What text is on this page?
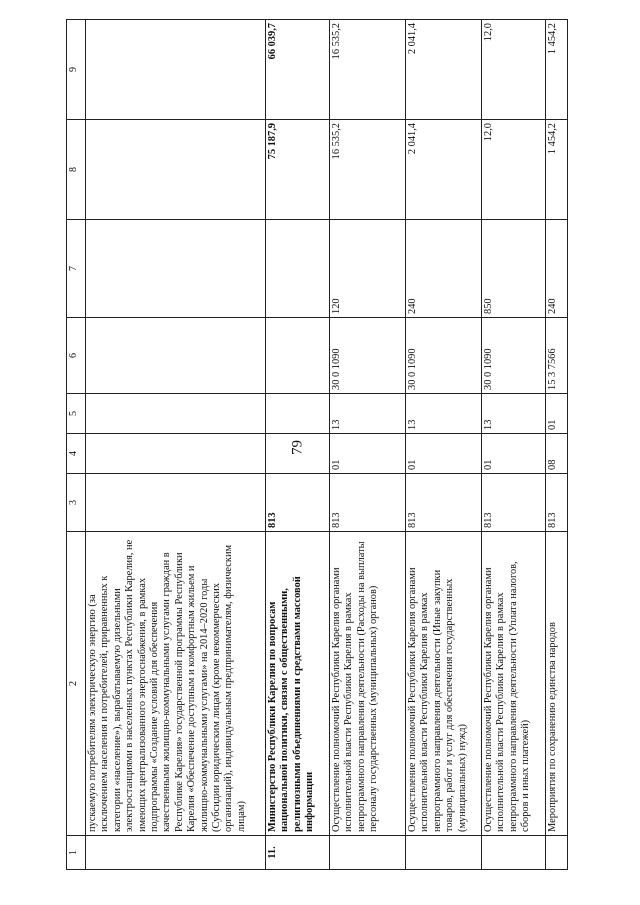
79
1	2	3	4	5	6	7	8	9
	пускаемую потребителям электрическую энергию (за исключением населения и потребителей, приравненных к категории «население»), вырабатываемую дизельными электростанциями в населенных пунктах Республики Карелия, не имеющих централизованного энергоснабжения, в рамках подпрограммы «Создание условий для обеспечения качественными жилищно-коммунальными услугами граждан в Республике Карелия» государственной программы Республики Карелия «Обеспечение доступным и комфортным жильем и жилищно-коммунальными услугами» на 2014–2020 годы (Субсидии юридическим лицам (кроме некоммерческих организаций), индивидуальным предпринимателям, физическим лицам)							
11.	Министерство Республики Карелия по вопросам национальной политики, связям с общественными, религиозными объединениями и средствами массовой информации	813					75 187,9	66 039,7
	Осуществление полномочий Республики Карелия органами исполнительной власти Республики Карелия в рамках непрограммного направления деятельности (Расходы на выплаты персоналу государственных (муниципальных) органов)	813	01	13	30 0 1090	120	16 535,2	16 535,2
	Осуществление полномочий Республики Карелия органами исполнительной власти Республики Карелия в рамках непрограммного направления деятельности (Иные закупки товаров, работ и услуг для обеспечения государственных (муниципальных) нужд)	813	01	13	30 0 1090	240	2 041,4	2 041,4
	Осуществление полномочий Республики Карелия органами исполнительной власти Республики Карелия в рамках непрограммного направления деятельности (Уплата налогов, сборов и иных платежей)	813	01	13	30 0 1090	850	12,0	12,0
	Мероприятия по сохранению единства народов	813	08	01	15 3 7566	240	1 454,2	1 454,2
